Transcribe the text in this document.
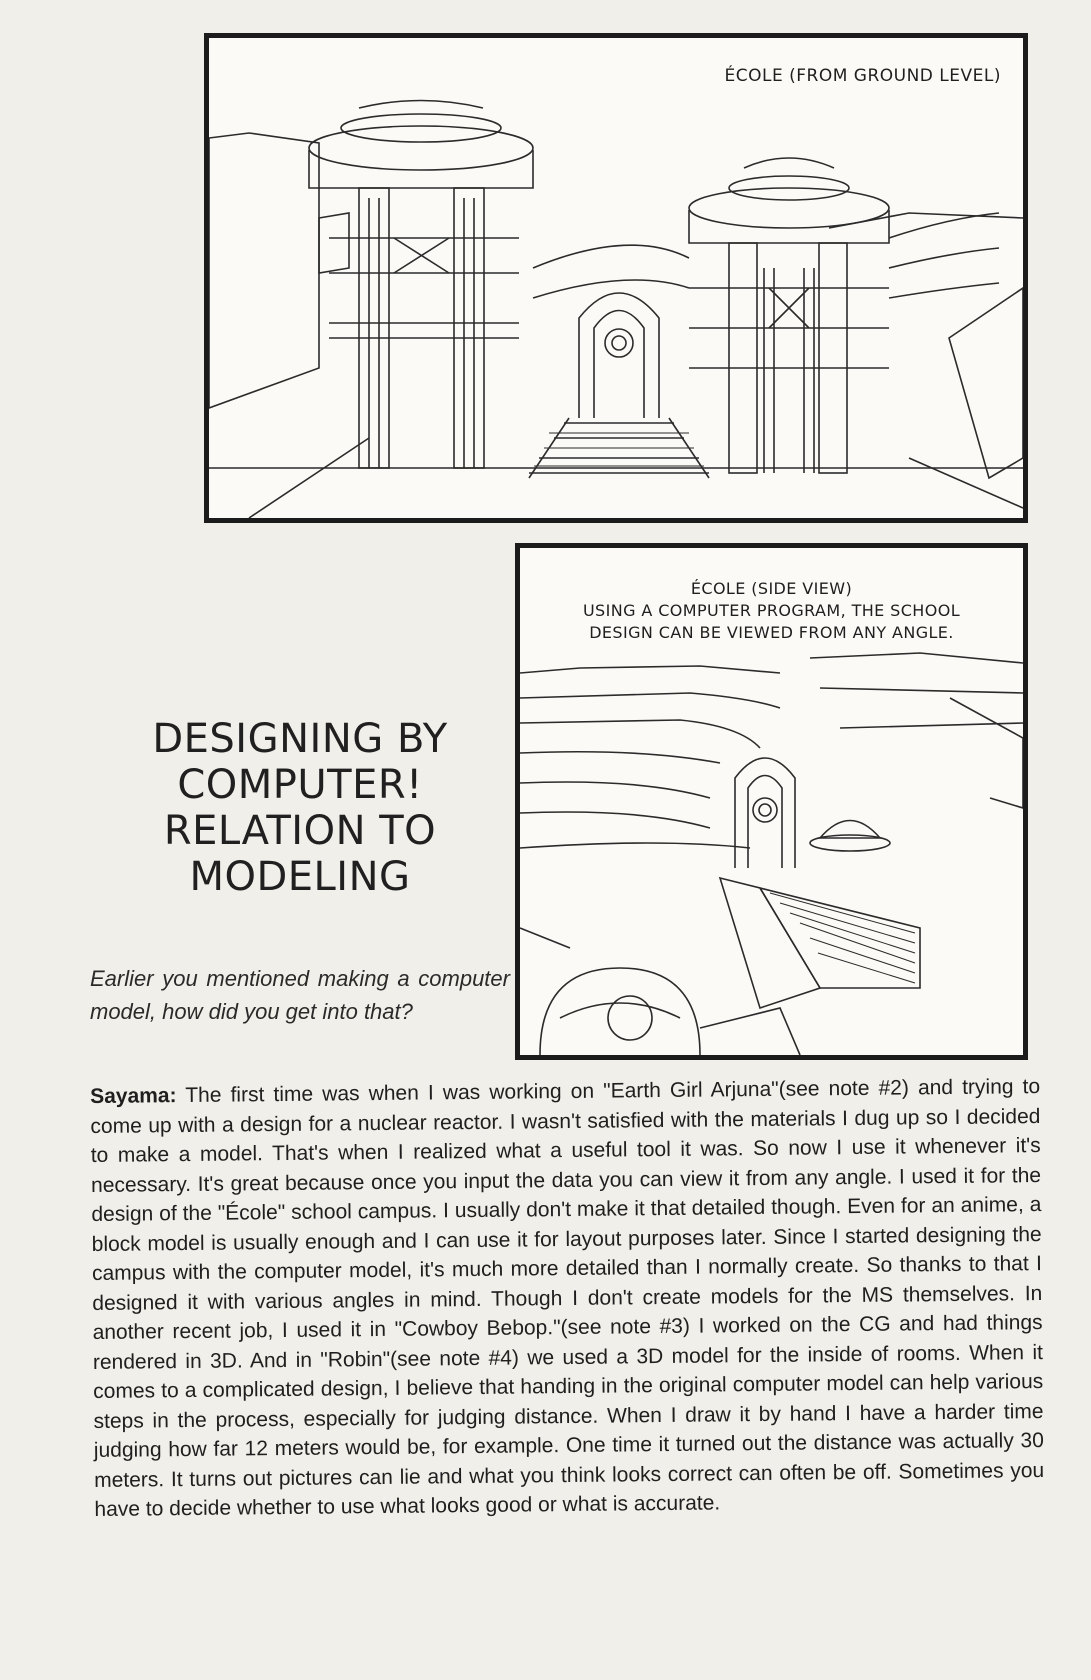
ÉCOLE (FROM GROUND LEVEL)
ÉCOLE (SIDE VIEW)
USING A COMPUTER PROGRAM, THE SCHOOL
DESIGN CAN BE VIEWED FROM ANY ANGLE.
DESIGNING BY
COMPUTER!
RELATION TO
MODELING

Earlier you mentioned making a computer model, how did you get into that?

Sayama: The first time was when I was working on "Earth Girl Arjuna"(see note #2) and trying to come up with a design for a nuclear reactor. I wasn't satisfied with the materials I dug up so I decided to make a model. That's when I realized what a useful tool it was. So now I use it whenever it's necessary. It's great because once you input the data you can view it from any angle. I used it for the design of the "École" school campus. I usually don't make it that detailed though. Even for an anime, a block model is usually enough and I can use it for layout purposes later. Since I started designing the campus with the computer model, it's much more detailed than I normally create. So thanks to that I designed it with various angles in mind. Though I don't create models for the MS themselves. In another recent job, I used it in "Cowboy Bebop."(see note #3) I worked on the CG and had things rendered in 3D. And in "Robin"(see note #4) we used a 3D model for the inside of rooms. When it comes to a complicated design, I believe that handing in the original computer model can help various steps in the process, especially for judging distance. When I draw it by hand I have a harder time judging how far 12 meters would be, for example. One time it turned out the distance was actually 30 meters. It turns out pictures can lie and what you think looks correct can often be off. Sometimes you have to decide whether to use what looks good or what is accurate.
